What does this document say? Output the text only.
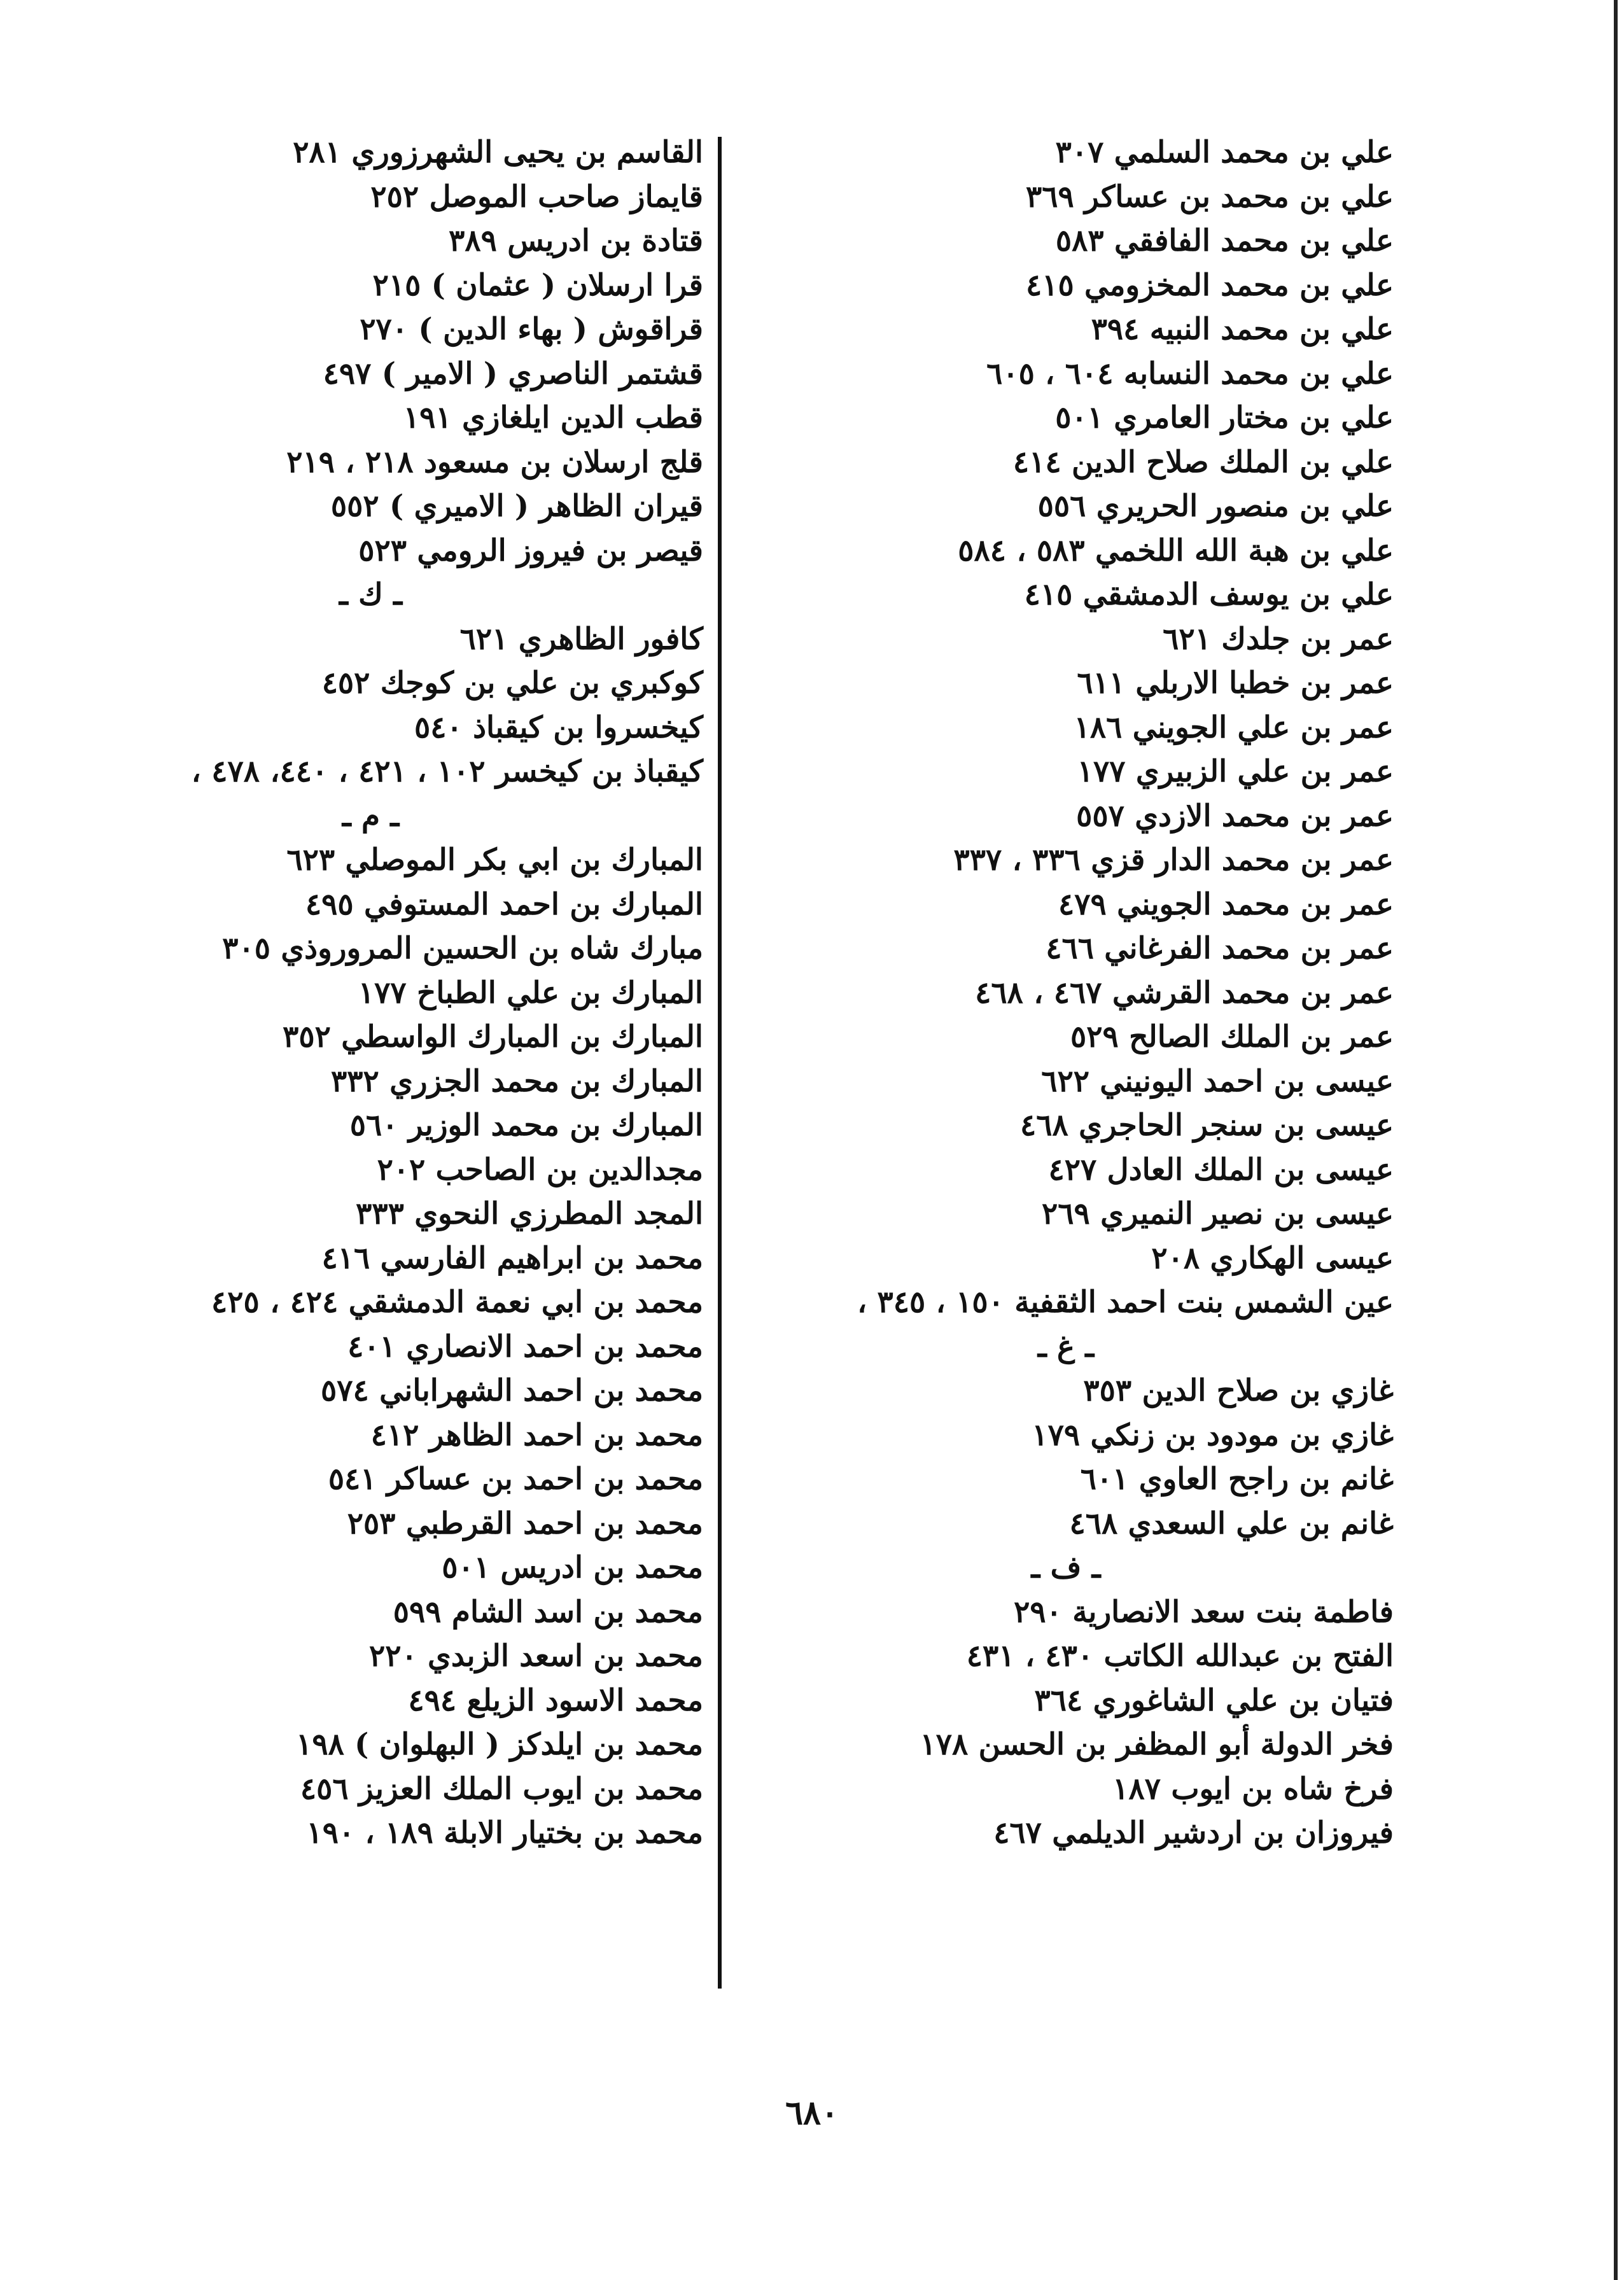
علي بن محمد السلمي ٣٠٧
علي بن محمد بن عساكر ٣٦٩
علي بن محمد الفافقي ٥٨٣
علي بن محمد المخزومي ٤١٥
علي بن محمد النبيه ٣٩٤
علي بن محمد النسابه ٦٠٤ ، ٦٠٥
علي بن مختار العامري ٥٠١
علي بن الملك صلاح الدين ٤١٤
علي بن منصور الحريري ٥٥٦
علي بن هبة الله اللخمي ٥٨٣ ، ٥٨٤
علي بن يوسف الدمشقي ٤١٥
عمر بن جلدك ٦٢١
عمر بن خطبا الاربلي ٦١١
عمر بن علي الجويني ١٨٦
عمر بن علي الزبيري ١٧٧
عمر بن محمد الازدي ٥٥٧
عمر بن محمد الدار قزي ٣٣٦ ، ٣٣٧
عمر بن محمد الجويني ٤٧٩
عمر بن محمد الفرغاني ٤٦٦
عمر بن محمد القرشي ٤٦٧ ، ٤٦٨
عمر بن الملك الصالح ٥٢٩
عيسى بن احمد اليونيني ٦٢٢
عيسى بن سنجر الحاجري ٤٦٨
عيسى بن الملك العادل ٤٢٧
عيسى بن نصير النميري ٢٦٩
عيسى الهكاري ٢٠٨
عين الشمس بنت احمد الثقفية ١٥٠ ، ٣٤٥ ،
ـ غ ـ
غازي بن صلاح الدين ٣٥٣
غازي بن مودود بن زنكي ١٧٩
غانم بن راجح العاوي ٦٠١
غانم بن علي السعدي ٤٦٨
ـ ف ـ
فاطمة بنت سعد الانصارية ٢٩٠
الفتح بن عبدالله الكاتب ٤٣٠ ، ٤٣١
فتيان بن علي الشاغوري ٣٦٤
فخر الدولة أبو المظفر بن الحسن ١٧٨
فرخ شاه بن ايوب ١٨٧
فيروزان بن اردشير الديلمي ٤٦٧
القاسم بن يحيى الشهرزوري ٢٨١
قايماز صاحب الموصل ٢٥٢
قتادة بن ادريس ٣٨٩
قرا ارسلان ( عثمان ) ٢١٥
قراقوش ( بهاء الدين ) ٢٧٠
قشتمر الناصري ( الامير ) ٤٩٧
قطب الدين ايلغازي ١٩١
قلج ارسلان بن مسعود ٢١٨ ، ٢١٩
قيران الظاهر ( الاميري ) ٥٥٢
قيصر بن فيروز الرومي ٥٢٣
ـ ك ـ
كافور الظاهري ٦٢١
كوكبري بن علي بن كوجك ٤٥٢
كيخسروا بن كيقباذ ٥٤٠
كيقباذ بن كيخسر ١٠٢ ، ٤٢١ ، ٤٤٠، ٤٧٨ ،
ـ م ـ
المبارك بن ابي بكر الموصلي ٦٢٣
المبارك بن احمد المستوفي ٤٩٥
مبارك شاه بن الحسين المروروذي ٣٠٥
المبارك بن علي الطباخ ١٧٧
المبارك بن المبارك الواسطي ٣٥٢
المبارك بن محمد الجزري ٣٣٢
المبارك بن محمد الوزير ٥٦٠
مجدالدين بن الصاحب ٢٠٢
المجد المطرزي النحوي ٣٣٣
محمد بن ابراهيم الفارسي ٤١٦
محمد بن ابي نعمة الدمشقي ٤٢٤ ، ٤٢٥
محمد بن احمد الانصاري ٤٠١
محمد بن احمد الشهراباني ٥٧٤
محمد بن احمد الظاهر ٤١٢
محمد بن احمد بن عساكر ٥٤١
محمد بن احمد القرطبي ٢٥٣
محمد بن ادريس ٥٠١
محمد بن اسد الشام ٥٩٩
محمد بن اسعد الزبدي ٢٢٠
محمد الاسود الزيلع ٤٩٤
محمد بن ايلدكز ( البهلوان ) ١٩٨
محمد بن ايوب الملك العزيز ٤٥٦
محمد بن بختيار الابلة ١٨٩ ، ١٩٠
٦٨٠
